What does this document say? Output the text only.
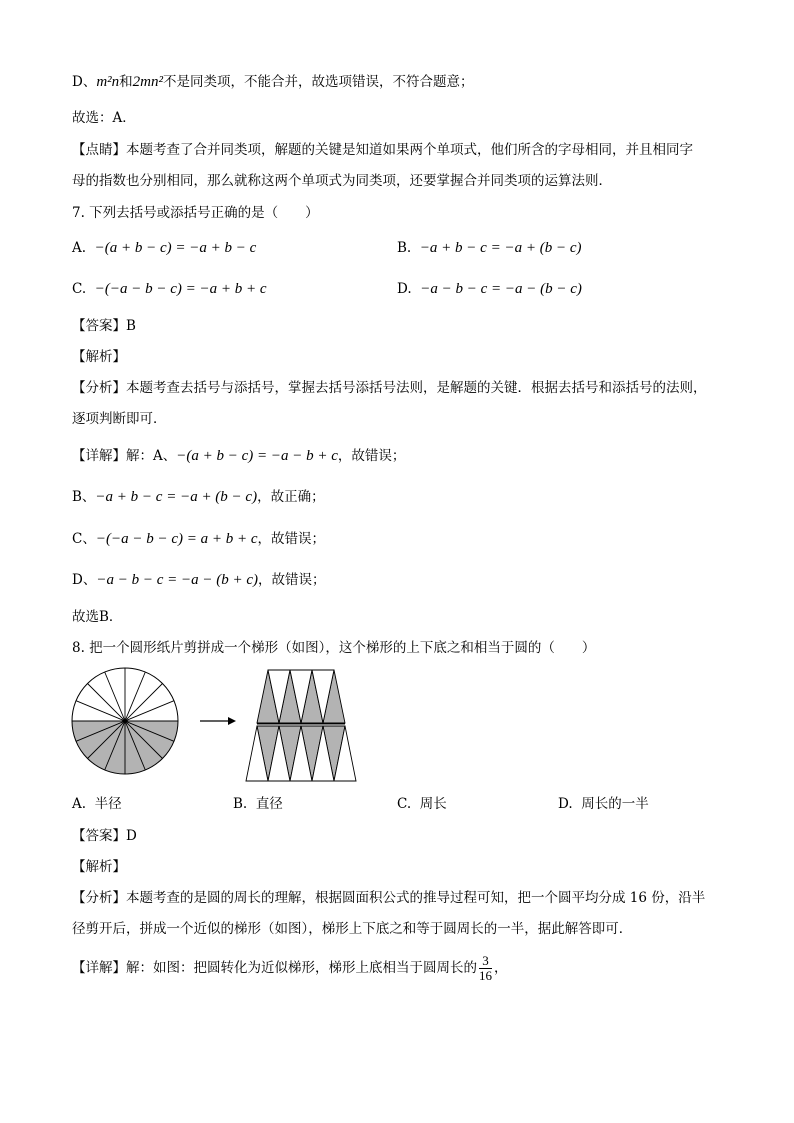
D、m²n和2mn²不是同类项，不能合并，故选项错误，不符合题意；
故选：A．
【点睛】本题考查了合并同类项，解题的关键是知道如果两个单项式，他们所含的字母相同，并且相同字
母的指数也分别相同，那么就称这两个单项式为同类项，还要掌握合并同类项的运算法则．
7. 下列去括号或添括号正确的是（　　）
A. −(a + b − c) = −a + b − c	B. −a + b − c = −a + (b − c)
C. −(−a − b − c) = −a + b + c	D. −a − b − c = −a − (b − c)
【答案】B
【解析】
【分析】本题考查去括号与添括号，掌握去括号添括号法则，是解题的关键．根据去括号和添括号的法则，
逐项判断即可．
【详解】解：A、−(a + b − c) = −a − b + c，故错误；
B、−a + b − c = −a + (b − c)，故正确；
C、−(−a − b − c) = a + b + c，故错误；
D、−a − b − c = −a − (b + c)，故错误；
故选B．
8. 把一个圆形纸片剪拼成一个梯形（如图），这个梯形的上下底之和相当于圆的（　　）
A. 半径	B. 直径	C. 周长	D. 周长的一半
【答案】D
【解析】
【分析】本题考查的是圆的周长的理解，根据圆面积公式的推导过程可知，把一个圆平均分成 16 份，沿半
径剪开后，拼成一个近似的梯形（如图），梯形上下底之和等于圆周长的一半，据此解答即可．
【详解】解：如图：把圆转化为近似梯形，梯形上底相当于圆周长的 $\frac{3}{16}$ ，
